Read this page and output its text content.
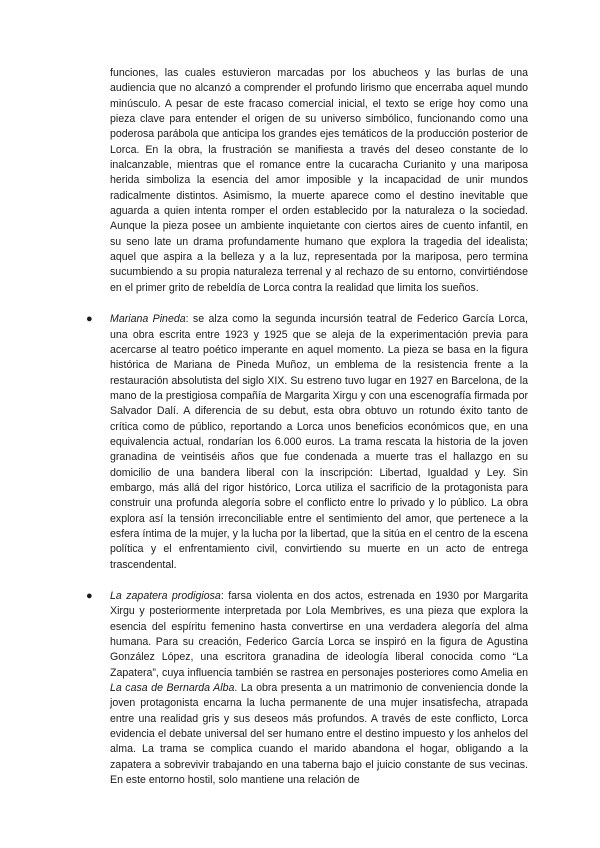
funciones, las cuales estuvieron marcadas por los abucheos y las burlas de una audiencia que no alcanzó a comprender el profundo lirismo que encerraba aquel mundo minúsculo. A pesar de este fracaso comercial inicial, el texto se erige hoy como una pieza clave para entender el origen de su universo simbólico, funcionando como una poderosa parábola que anticipa los grandes ejes temáticos de la producción posterior de Lorca. En la obra, la frustración se manifiesta a través del deseo constante de lo inalcanzable, mientras que el romance entre la cucaracha Curianito y una mariposa herida simboliza la esencia del amor imposible y la incapacidad de unir mundos radicalmente distintos. Asimismo, la muerte aparece como el destino inevitable que aguarda a quien intenta romper el orden establecido por la naturaleza o la sociedad. Aunque la pieza posee un ambiente inquietante con ciertos aires de cuento infantil, en su seno late un drama profundamente humano que explora la tragedia del idealista; aquel que aspira a la belleza y a la luz, representada por la mariposa, pero termina sucumbiendo a su propia naturaleza terrenal y al rechazo de su entorno, convirtiéndose en el primer grito de rebeldía de Lorca contra la realidad que limita los sueños.

● Mariana Pineda: se alza como la segunda incursión teatral de Federico García Lorca, una obra escrita entre 1923 y 1925 que se aleja de la experimentación previa para acercarse al teatro poético imperante en aquel momento. La pieza se basa en la figura histórica de Mariana de Pineda Muñoz, un emblema de la resistencia frente a la restauración absolutista del siglo XIX. Su estreno tuvo lugar en 1927 en Barcelona, de la mano de la prestigiosa compañía de Margarita Xirgu y con una escenografía firmada por Salvador Dalí. A diferencia de su debut, esta obra obtuvo un rotundo éxito tanto de crítica como de público, reportando a Lorca unos beneficios económicos que, en una equivalencia actual, rondarían los 6.000 euros. La trama rescata la historia de la joven granadina de veintiséis años que fue condenada a muerte tras el hallazgo en su domicilio de una bandera liberal con la inscripción: Libertad, Igualdad y Ley. Sin embargo, más allá del rigor histórico, Lorca utiliza el sacrificio de la protagonista para construir una profunda alegoría sobre el conflicto entre lo privado y lo público. La obra explora así la tensión irreconciliable entre el sentimiento del amor, que pertenece a la esfera íntima de la mujer, y la lucha por la libertad, que la sitúa en el centro de la escena política y el enfrentamiento civil, convirtiendo su muerte en un acto de entrega trascendental.

● La zapatera prodigiosa: farsa violenta en dos actos, estrenada en 1930 por Margarita Xirgu y posteriormente interpretada por Lola Membrives, es una pieza que explora la esencia del espíritu femenino hasta convertirse en una verdadera alegoría del alma humana. Para su creación, Federico García Lorca se inspiró en la figura de Agustina González López, una escritora granadina de ideología liberal conocida como “La Zapatera”, cuya influencia también se rastrea en personajes posteriores como Amelia en La casa de Bernarda Alba. La obra presenta a un matrimonio de conveniencia donde la joven protagonista encarna la lucha permanente de una mujer insatisfecha, atrapada entre una realidad gris y sus deseos más profundos. A través de este conflicto, Lorca evidencia el debate universal del ser humano entre el destino impuesto y los anhelos del alma. La trama se complica cuando el marido abandona el hogar, obligando a la zapatera a sobrevivir trabajando en una taberna bajo el juicio constante de sus vecinas. En este entorno hostil, solo mantiene una relación de
